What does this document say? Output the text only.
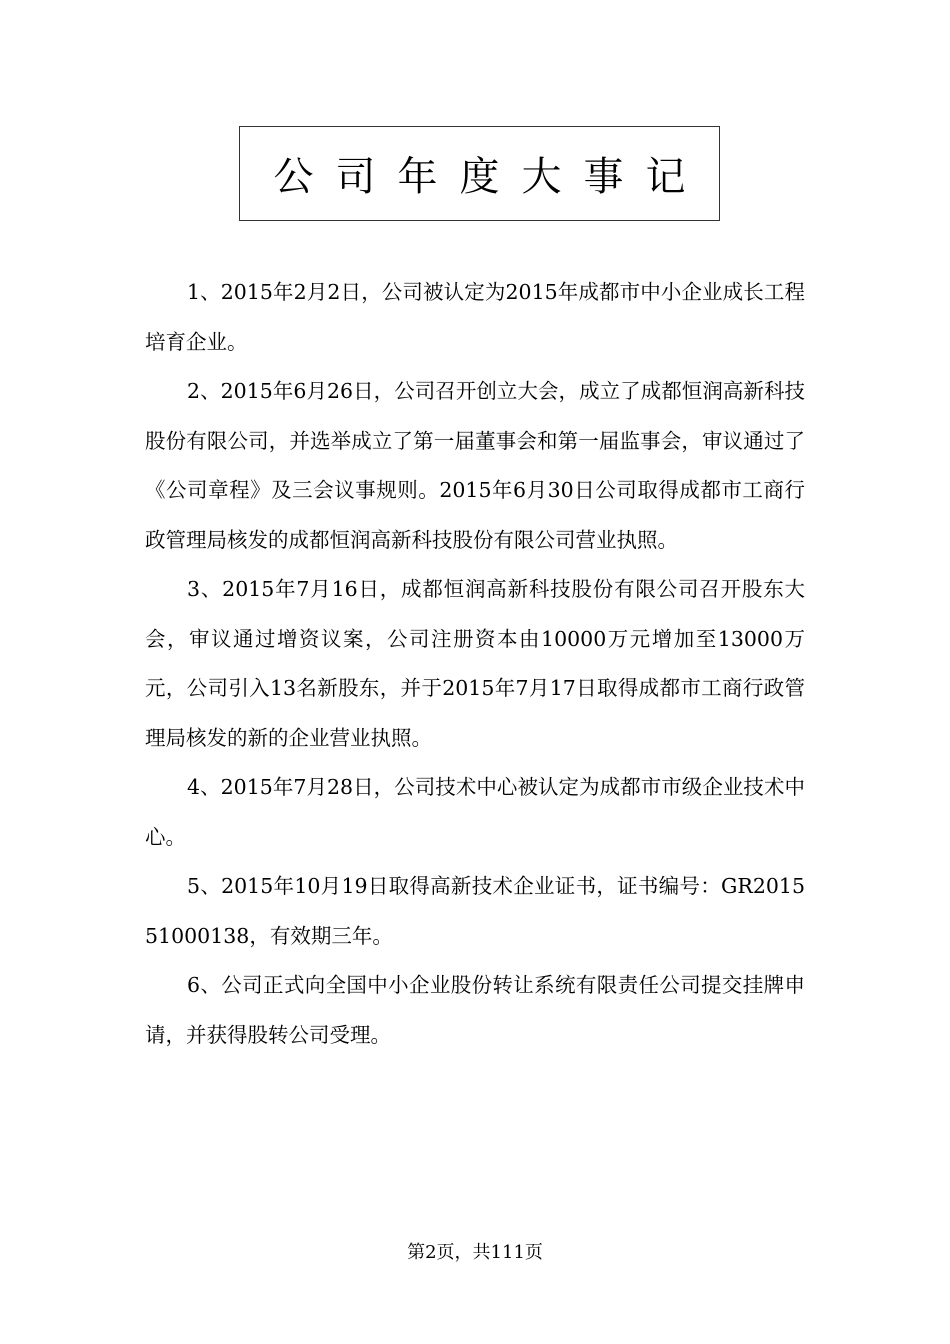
公司年度大事记

1、2015年2月2日，公司被认定为2015年成都市中小企业成长工程培育企业。

2、2015年6月26日，公司召开创立大会，成立了成都恒润高新科技股份有限公司，并选举成立了第一届董事会和第一届监事会，审议通过了《公司章程》及三会议事规则。2015年6月30日公司取得成都市工商行政管理局核发的成都恒润高新科技股份有限公司营业执照。

3、2015年7月16日，成都恒润高新科技股份有限公司召开股东大会，审议通过增资议案，公司注册资本由10000万元增加至13000万元，公司引入13名新股东，并于2015年7月17日取得成都市工商行政管理局核发的新的企业营业执照。

4、2015年7月28日，公司技术中心被认定为成都市市级企业技术中心。

5、2015年10月19日取得高新技术企业证书，证书编号：GR201551000138，有效期三年。

6、公司正式向全国中小企业股份转让系统有限责任公司提交挂牌申请，并获得股转公司受理。

第2页，共111页
